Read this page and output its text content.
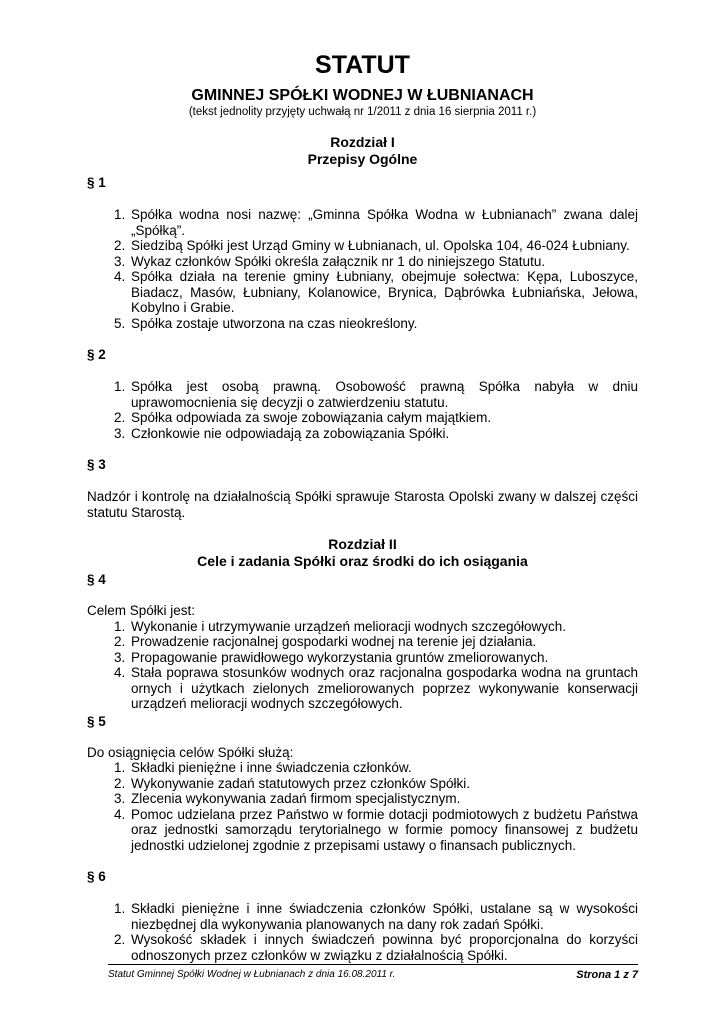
STATUT
GMINNEJ SPÓŁKI WODNEJ W ŁUBNIANACH
(tekst jednolity przyjęty uchwałą nr 1/2011 z dnia 16 sierpnia 2011 r.)
Rozdział I
Przepisy Ogólne
§ 1
1. Spółka wodna nosi nazwę: „Gminna Spółka Wodna w Łubnianach” zwana dalej „Spółką”.
2. Siedzibą Spółki jest Urząd Gminy w Łubnianach, ul. Opolska 104, 46-024 Łubniany.
3. Wykaz członków Spółki określa załącznik nr 1 do niniejszego Statutu.
4. Spółka działa na terenie gminy Łubniany, obejmuje sołectwa: Kępa, Luboszyce, Biadacz, Masów, Łubniany, Kolanowice, Brynica, Dąbrówka Łubniańska, Jełowa, Kobylno i Grabie.
5. Spółka zostaje utworzona na czas nieokreślony.
§ 2
1. Spółka jest osobą prawną. Osobowość prawną Spółka nabyła w dniu uprawomocnienia się decyzji o zatwierdzeniu statutu.
2. Spółka odpowiada za swoje zobowiązania całym majątkiem.
3. Członkowie nie odpowiadają za zobowiązania Spółki.
§ 3
Nadzór i kontrolę na działalnością Spółki sprawuje Starosta Opolski zwany w dalszej części statutu Starostą.
Rozdział II
Cele i zadania Spółki oraz środki do ich osiągania
§ 4
Celem Spółki jest:
1. Wykonanie i utrzymywanie urządzeń melioracji wodnych szczegółowych.
2. Prowadzenie racjonalnej gospodarki wodnej na terenie jej działania.
3. Propagowanie prawidłowego wykorzystania gruntów zmeliorowanych.
4. Stała poprawa stosunków wodnych oraz racjonalna gospodarka wodna na gruntach ornych i użytkach zielonych zmeliorowanych poprzez wykonywanie konserwacji urządzeń melioracji wodnych szczegółowych.
§ 5
Do osiągnięcia celów Spółki służą:
1. Składki pieniężne i inne świadczenia członków.
2. Wykonywanie zadań statutowych przez członków Spółki.
3. Zlecenia wykonywania zadań firmom specjalistycznym.
4. Pomoc udzielana przez Państwo w formie dotacji podmiotowych z budżetu Państwa oraz jednostki samorządu terytorialnego w formie pomocy finansowej z budżetu jednostki udzielonej zgodnie z przepisami ustawy o finansach publicznych.
§ 6
1. Składki pieniężne i inne świadczenia członków Spółki, ustalane są w wysokości niezbędnej dla wykonywania planowanych na dany rok zadań Spółki.
2. Wysokość składek i innych świadczeń powinna być proporcjonalna do korzyści odnoszonych przez członków w związku z działalnością Spółki.
Statut Gminnej Spółki Wodnej w Łubnianach z dnia 16.08.2011 r.	Strona 1 z 7
